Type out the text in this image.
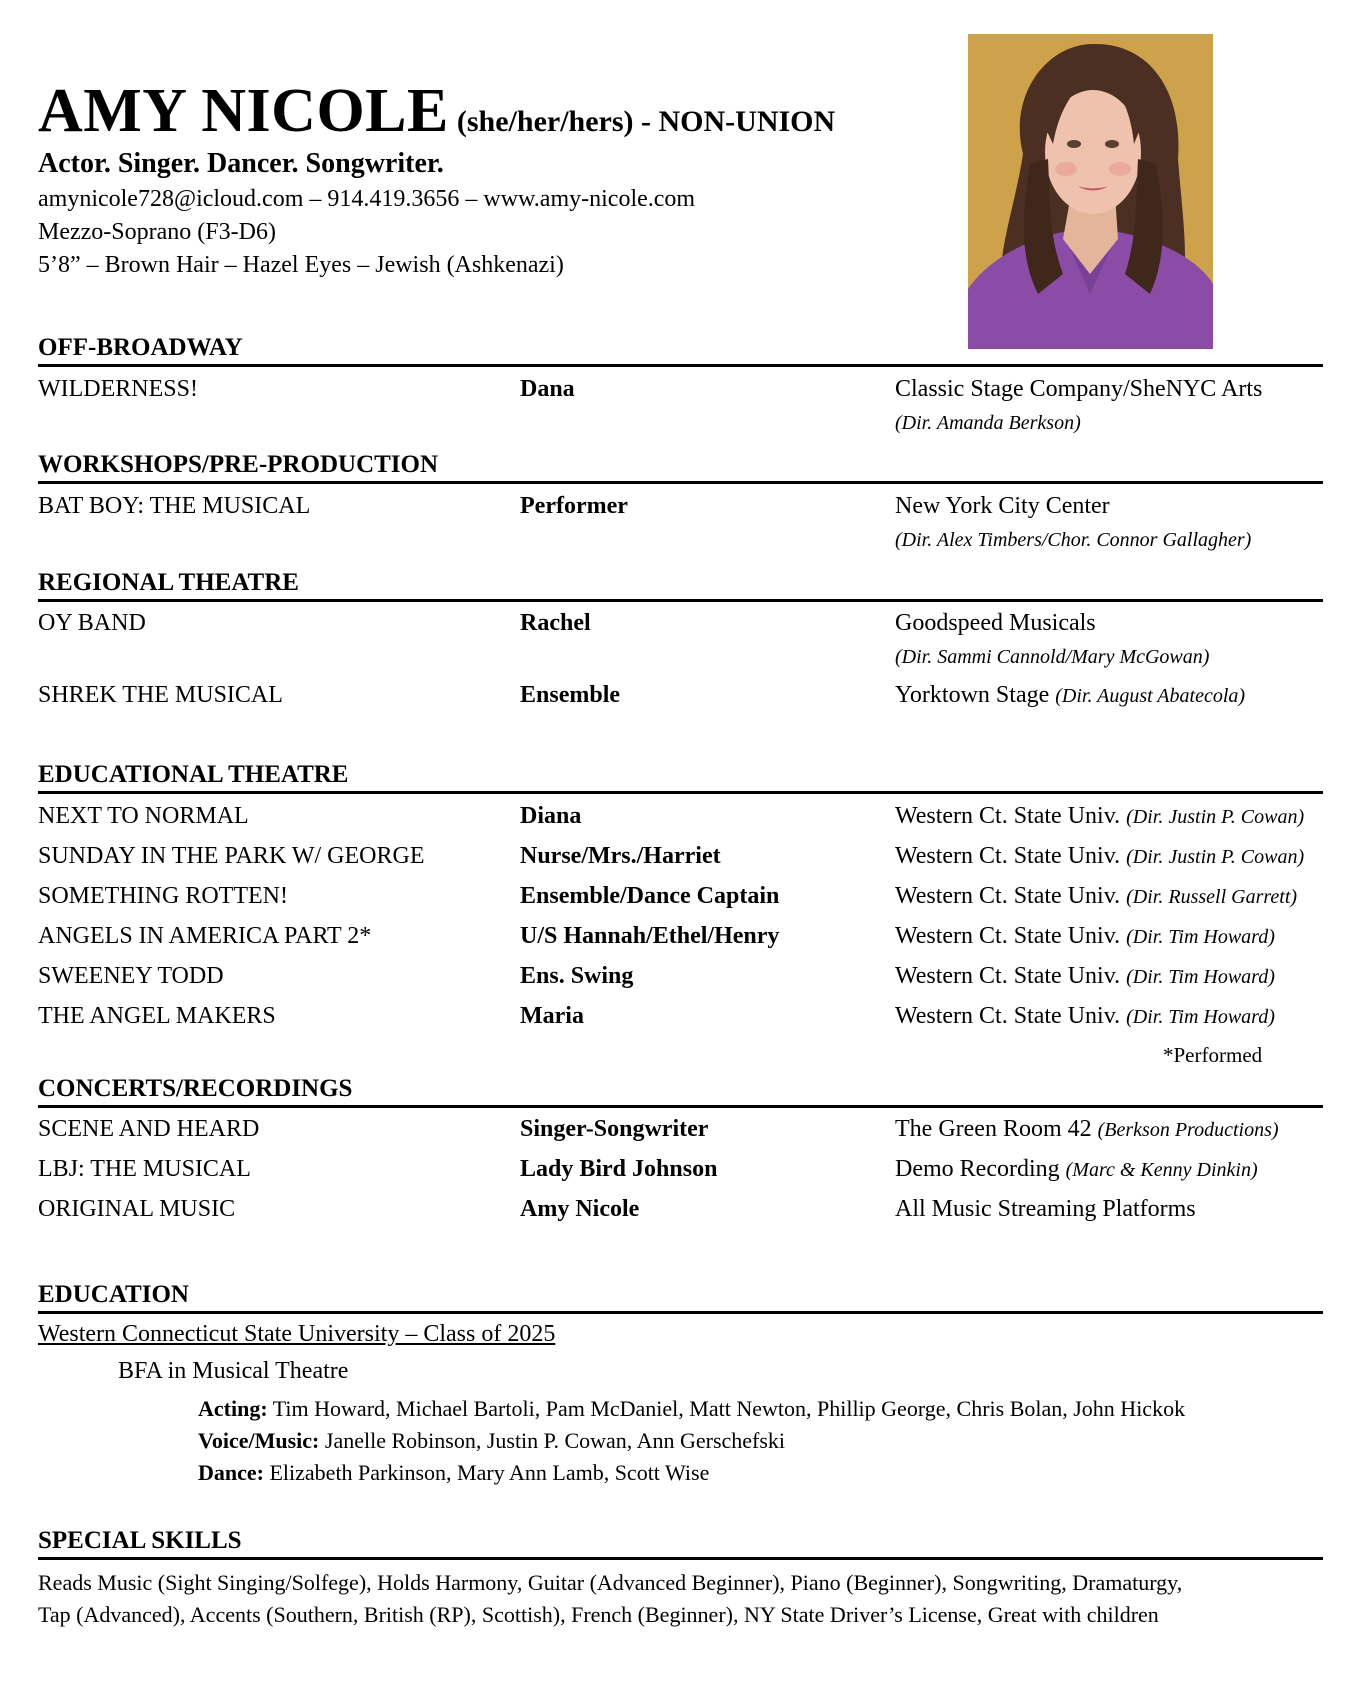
AMY NICOLE (she/her/hers) - NON-UNION
Actor. Singer. Dancer. Songwriter.
amynicole728@icloud.com – 914.419.3656 – www.amy-nicole.com
Mezzo-Soprano (F3-D6)
5’8” – Brown Hair – Hazel Eyes – Jewish (Ashkenazi)
OFF-BROADWAY
WILDERNESS!	Dana	Classic Stage Company/SheNYC Arts
(Dir. Amanda Berkson)
WORKSHOPS/PRE-PRODUCTION
BAT BOY: THE MUSICAL	Performer	New York City Center
(Dir. Alex Timbers/Chor. Connor Gallagher)
REGIONAL THEATRE
OY BAND	Rachel	Goodspeed Musicals
(Dir. Sammi Cannold/Mary McGowan)
SHREK THE MUSICAL	Ensemble	Yorktown Stage (Dir. August Abatecola)
EDUCATIONAL THEATRE
NEXT TO NORMAL	Diana	Western Ct. State Univ. (Dir. Justin P. Cowan)
SUNDAY IN THE PARK W/ GEORGE	Nurse/Mrs./Harriet	Western Ct. State Univ. (Dir. Justin P. Cowan)
SOMETHING ROTTEN!	Ensemble/Dance Captain	Western Ct. State Univ. (Dir. Russell Garrett)
ANGELS IN AMERICA PART 2*	U/S Hannah/Ethel/Henry	Western Ct. State Univ. (Dir. Tim Howard)
SWEENEY TODD	Ens. Swing	Western Ct. State Univ. (Dir. Tim Howard)
THE ANGEL MAKERS	Maria	Western Ct. State Univ. (Dir. Tim Howard)
*Performed
CONCERTS/RECORDINGS
SCENE AND HEARD	Singer-Songwriter	The Green Room 42 (Berkson Productions)
LBJ: THE MUSICAL	Lady Bird Johnson	Demo Recording (Marc & Kenny Dinkin)
ORIGINAL MUSIC	Amy Nicole	All Music Streaming Platforms
EDUCATION
Western Connecticut State University – Class of 2025
BFA in Musical Theatre
Acting: Tim Howard, Michael Bartoli, Pam McDaniel, Matt Newton, Phillip George, Chris Bolan, John Hickok
Voice/Music: Janelle Robinson, Justin P. Cowan, Ann Gerschefski
Dance: Elizabeth Parkinson, Mary Ann Lamb, Scott Wise
SPECIAL SKILLS
Reads Music (Sight Singing/Solfege), Holds Harmony, Guitar (Advanced Beginner), Piano (Beginner), Songwriting, Dramaturgy,
Tap (Advanced), Accents (Southern, British (RP), Scottish), French (Beginner), NY State Driver’s License, Great with children
